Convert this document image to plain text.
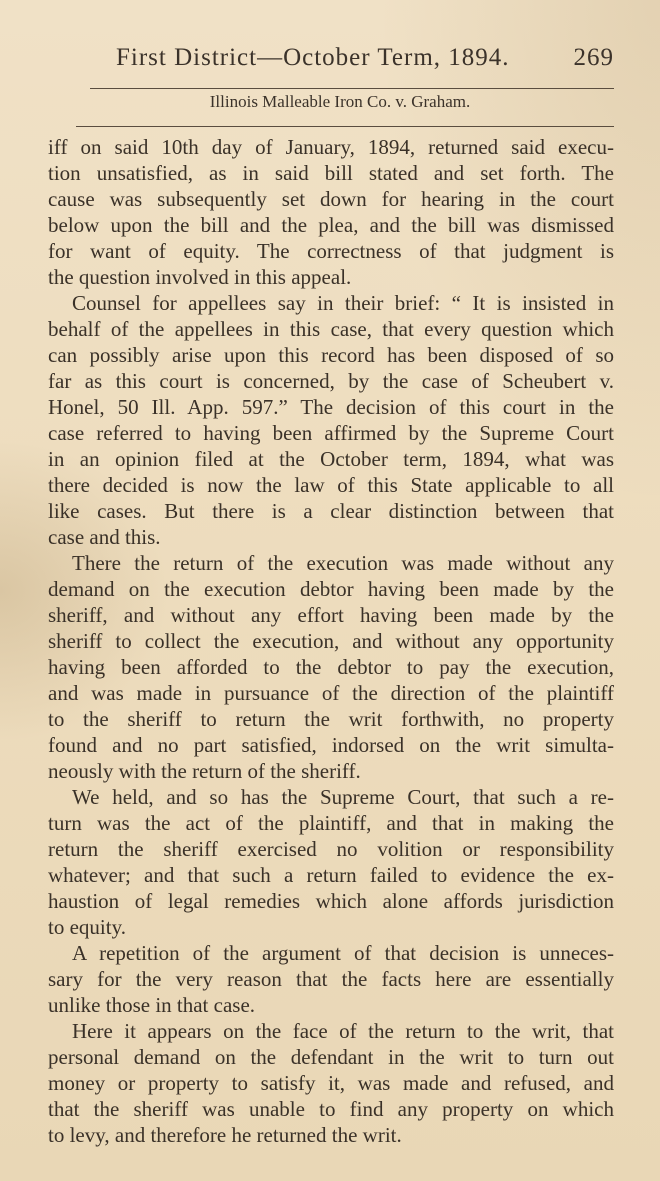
First District—October Term, 1894.	269
Illinois Malleable Iron Co. v. Graham.
iff on said 10th day of January, 1894, returned said execu-
tion unsatisfied, as in said bill stated and set forth. The
cause was subsequently set down for hearing in the court
below upon the bill and the plea, and the bill was dismissed
for want of equity. The correctness of that judgment is
the question involved in this appeal.
Counsel for appellees say in their brief: “ It is insisted in
behalf of the appellees in this case, that every question which
can possibly arise upon this record has been disposed of so
far as this court is concerned, by the case of Scheubert v.
Honel, 50 Ill. App. 597.” The decision of this court in the
case referred to having been affirmed by the Supreme Court
in an opinion filed at the October term, 1894, what was
there decided is now the law of this State applicable to all
like cases. But there is a clear distinction between that
case and this.
There the return of the execution was made without any
demand on the execution debtor having been made by the
sheriff, and without any effort having been made by the
sheriff to collect the execution, and without any opportunity
having been afforded to the debtor to pay the execution,
and was made in pursuance of the direction of the plaintiff
to the sheriff to return the writ forthwith, no property
found and no part satisfied, indorsed on the writ simulta-
neously with the return of the sheriff.
We held, and so has the Supreme Court, that such a re-
turn was the act of the plaintiff, and that in making the
return the sheriff exercised no volition or responsibility
whatever; and that such a return failed to evidence the ex-
haustion of legal remedies which alone affords jurisdiction
to equity.
A repetition of the argument of that decision is unneces-
sary for the very reason that the facts here are essentially
unlike those in that case.
Here it appears on the face of the return to the writ, that
personal demand on the defendant in the writ to turn out
money or property to satisfy it, was made and refused, and
that the sheriff was unable to find any property on which
to levy, and therefore he returned the writ.
